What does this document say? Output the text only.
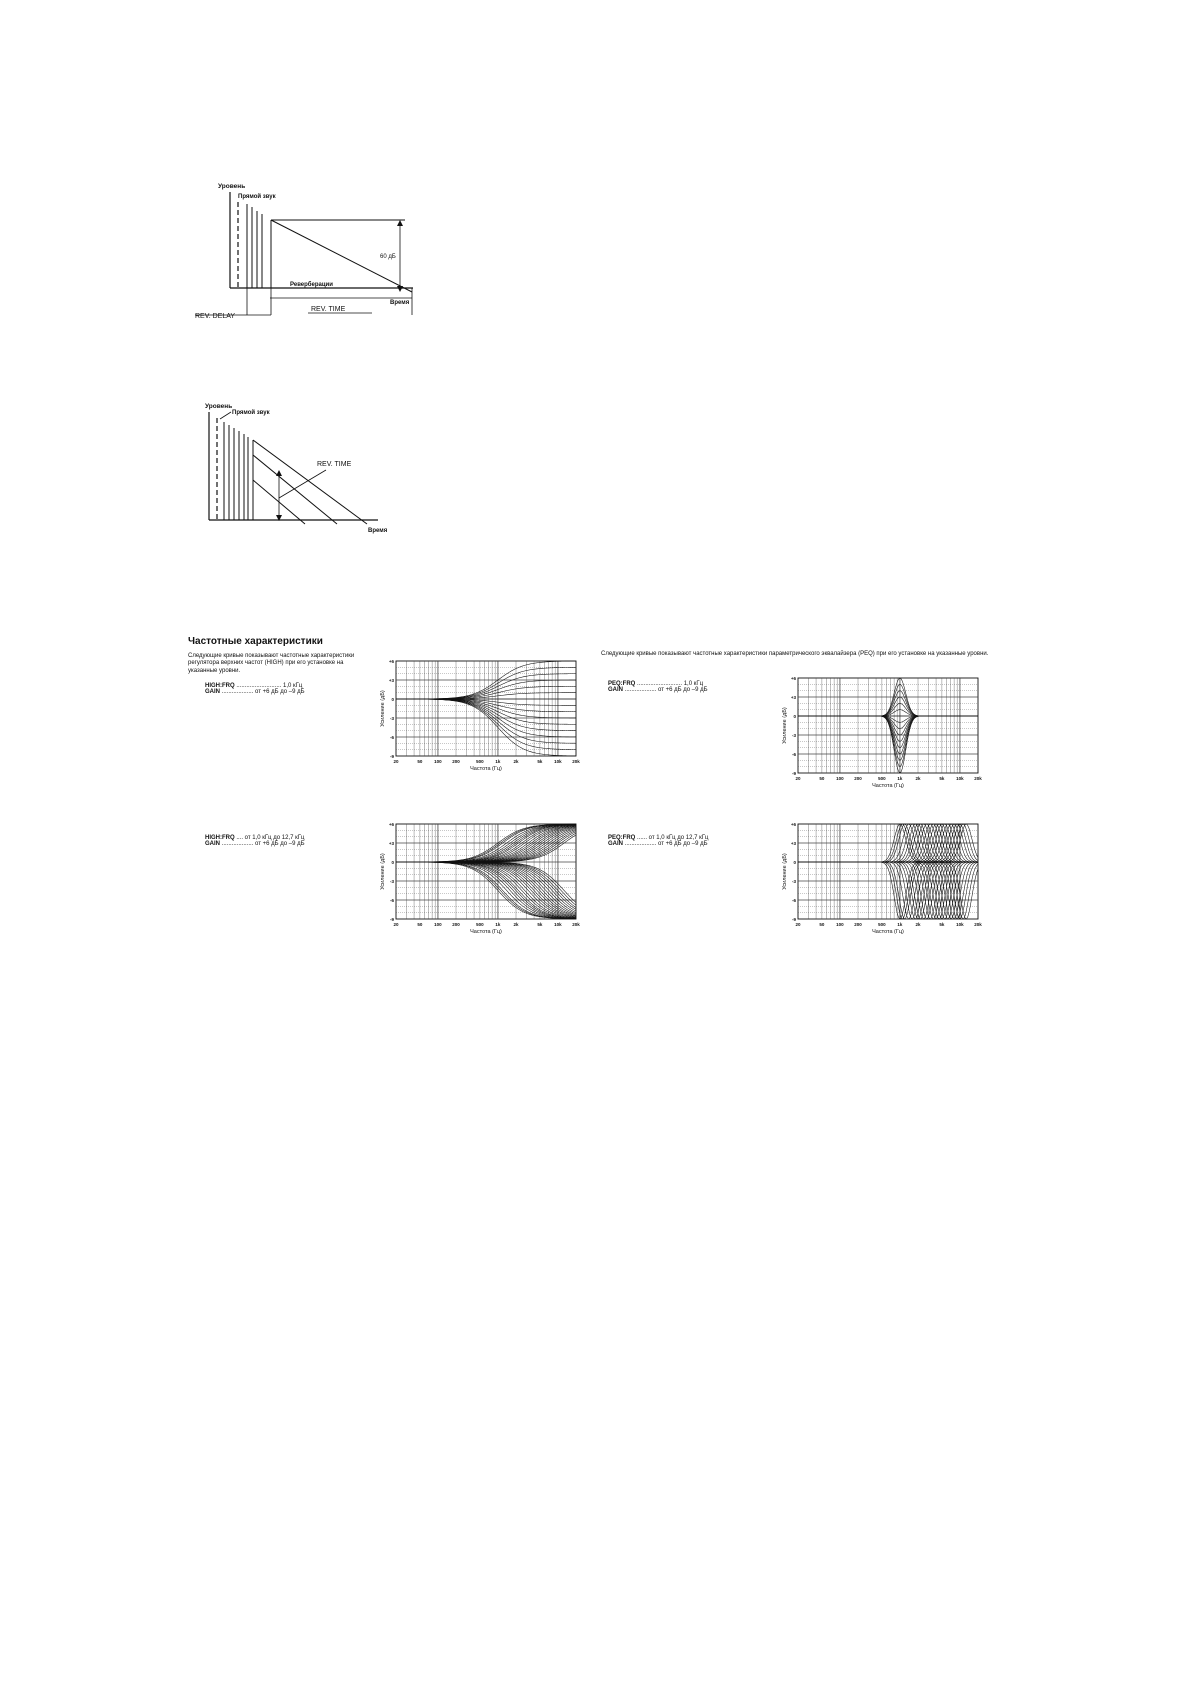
Уровень
Прямой звук
60 дБ
Реверберации
Время
REV. DELAY
REV. TIME
Уровень
Прямой звук
REV. TIME
Время
Частотные характеристики
Следующие кривые показывают частотные характеристики регулятора верхних частот (HIGH) при его установке на указанные уровни.
Следующие кривые показывают частотные характеристики параметрического эквалайзера (PEQ) при его установке на указанные уровни.
HIGH:FRQ ........................... 1,0 кГц
GAIN ................... от +6 дБ до –9 дБ
PEQ:FRQ ........................... 1,0 кГц
GAIN ................... от +6 дБ до –9 дБ
HIGH:FRQ .... от 1,0 кГц до 12,7 кГц
GAIN ................... от +6 дБ до –9 дБ
PEQ:FRQ ...... от 1,0 кГц до 12,7 кГц
GAIN ................... от +6 дБ до –9 дБ
+6
+3
0
-3
-6
-9
20	50	100 200	500	1k	2k	5k	10k 20k
Частота (Гц)
Усиление (дБ)
+6
+3
0
-3
-6
-9
20	50	100 200	500	1k	2k	5k	10k 20k
Частота (Гц)
Усиление (дБ)
+6
+3
0
-3
-6
-9
20	50	100 200	500	1k	2k	5k	10k 20k
Частота (Гц)
Усиление (дБ)
+6
+3
0
-3
-6
-9
20	50	100 200	500	1k	2k	5k	10k 20k
Частота (Гц)
Усиление (дБ)
